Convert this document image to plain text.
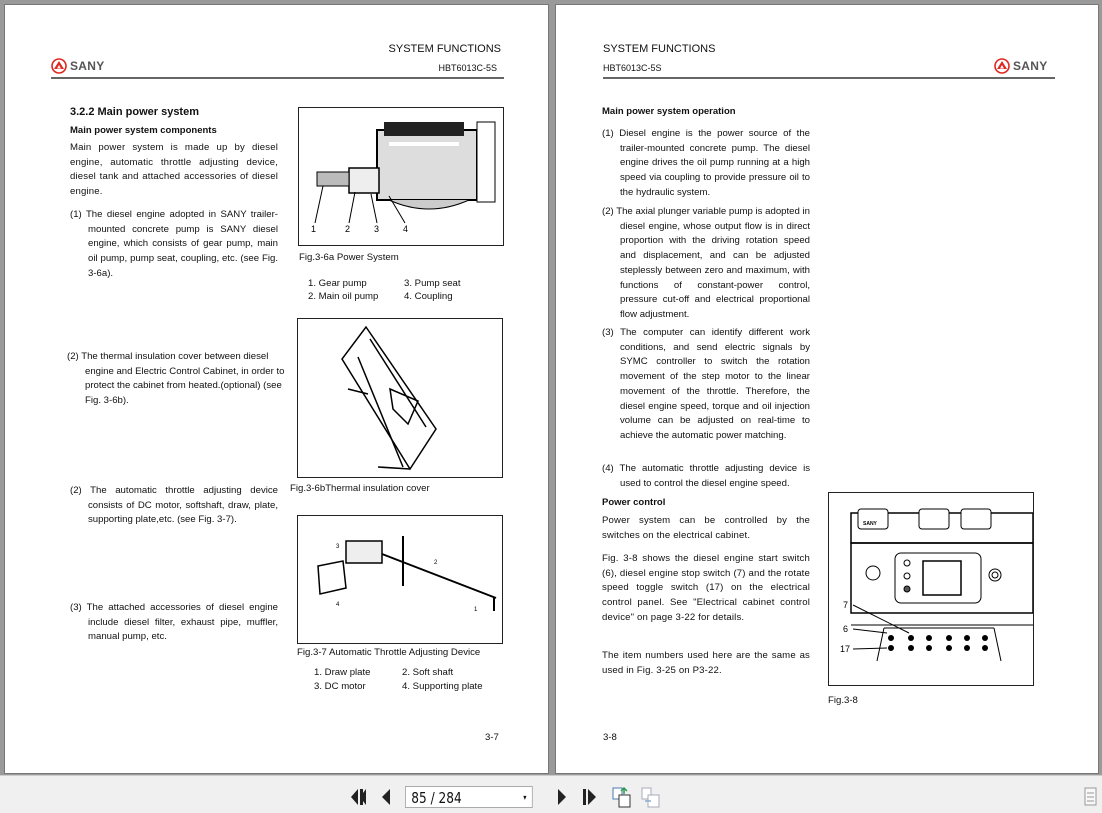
SANY
SYSTEM FUNCTIONS
HBT6013C-5S
3.2.2 Main power system
Main power system components
Main power system is made up by diesel engine, automatic throttle adjusting device, diesel tank and attached accessories of diesel engine.
(1) The diesel engine adopted in SANY trailer-mounted concrete pump is SANY diesel engine, which consists of gear pump, main oil pump, pump seat, coupling, etc. (see Fig. 3-6a).
(2) The thermal insulation cover between diesel engine and Electric Control Cabinet, in order to protect the cabinet from heated.(optional) (see Fig. 3-6b).
(2) The automatic throttle adjusting device consists of DC motor, softshaft, draw, plate, supporting plate,etc. (see Fig. 3-7).
(3) The attached accessories of diesel engine include diesel filter, exhaust pipe, muffler, manual pump, etc.
1	2	3	4
Fig.3-6a Power System
1. Gear pump	3. Pump seat
2. Main oil pump	4. Coupling
Fig.3-6bThermal insulation cover
3
2
4
1
Fig.3-7 Automatic Throttle Adjusting Device
1. Draw plate	2. Soft shaft
3. DC motor	4. Supporting plate
3-7
SYSTEM FUNCTIONS
HBT6013C-5S	SANY
Main power system operation
(1) Diesel engine is the power source of the trailer-mounted concrete pump. The diesel engine drives the oil pump running at a high speed via coupling to provide pressure oil to the hydraulic system.
(2) The axial plunger variable pump is adopted in diesel engine, whose output flow is in direct proportion with the driving rotation speed and displacement, and can be adjusted steplessly between zero and maximum, with functions of constant-power control, pressure cut-off and electrical proportional flow adjustment.
(3) The computer can identify different work conditions, and send electric signals by SYMC controller to switch the rotation movement of the step motor to the linear movement of the throttle. Therefore, the diesel engine speed, torque and oil injection volume can be adjusted on real-time to achieve the automatic power matching.
(4) The automatic throttle adjusting device is used to control the diesel engine speed.
Power control
Power system can be controlled by the switches on the electrical cabinet.
Fig. 3-8 shows the diesel engine start switch (6), diesel engine stop switch (7) and the rotate speed toggle switch (17) on the electrical control panel. See "Electrical cabinet control device" on page 3-22 for details.
The item numbers used here are the same as used in Fig. 3-25 on P3-22.
SANY
7
6
17
Fig.3-8
3-8
85 / 284	▾
